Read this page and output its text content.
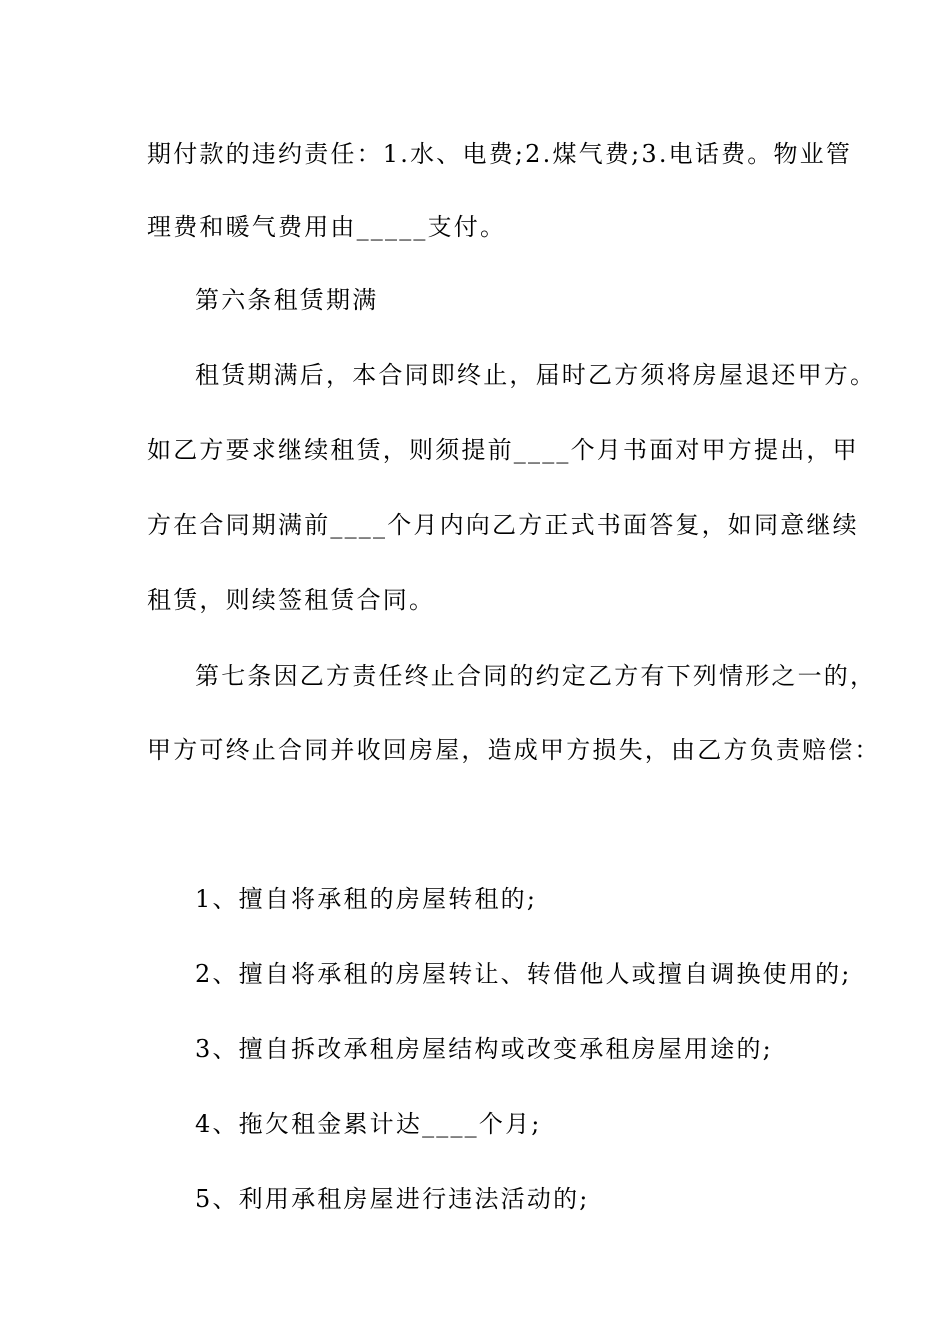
期付款的违约责任：1.水、电费;2.煤气费;3.电话费。物业管
理费和暖气费用由_____支付。
第六条租赁期满
租赁期满后，本合同即终止，届时乙方须将房屋退还甲方。
如乙方要求继续租赁，则须提前____个月书面对甲方提出，甲
方在合同期满前____个月内向乙方正式书面答复，如同意继续
租赁，则续签租赁合同。
第七条因乙方责任终止合同的约定乙方有下列情形之一的，
甲方可终止合同并收回房屋，造成甲方损失，由乙方负责赔偿：
1、擅自将承租的房屋转租的;
2、擅自将承租的房屋转让、转借他人或擅自调换使用的;
3、擅自拆改承租房屋结构或改变承租房屋用途的;
4、拖欠租金累计达____个月;
5、利用承租房屋进行违法活动的;
